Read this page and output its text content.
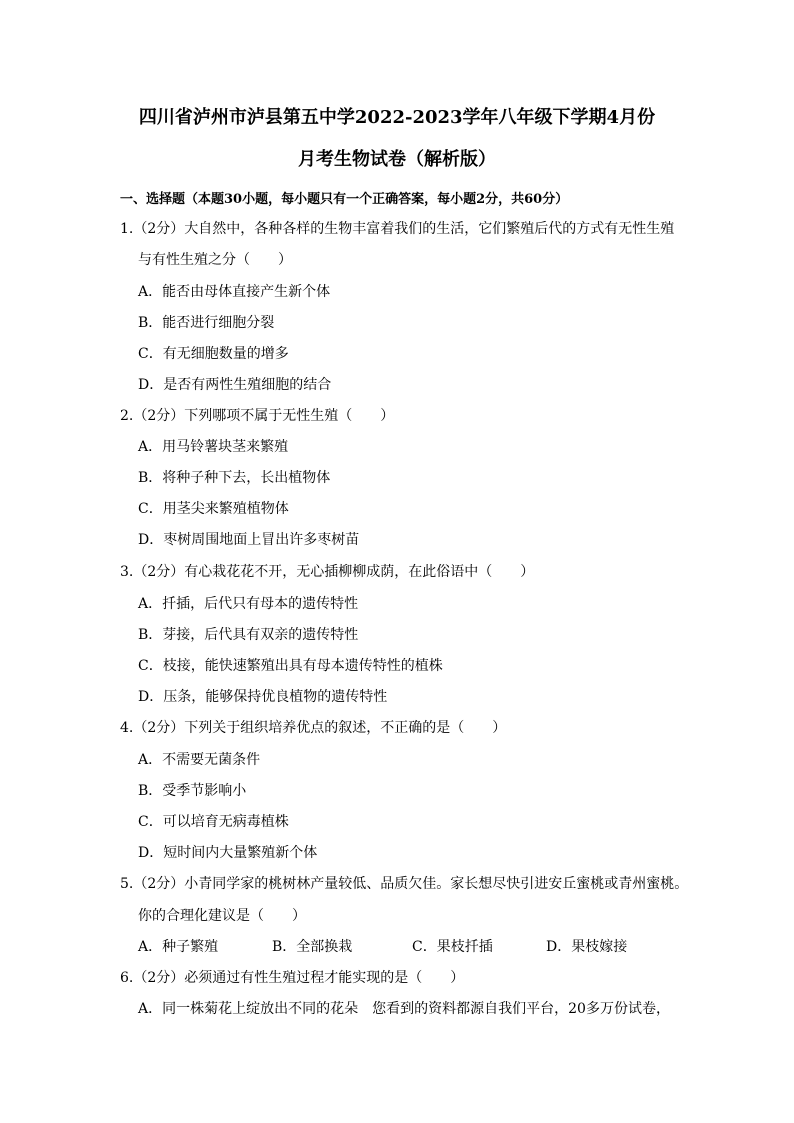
四川省泸州市泸县第五中学2022-2023学年八年级下学期4月份
月考生物试卷（解析版）
一、选择题（本题30小题，每小题只有一个正确答案，每小题2分，共60分）
1.（2分）大自然中，各种各样的生物丰富着我们的生活，它们繁殖后代的方式有无性生殖
与有性生殖之分（　　）
A．能否由母体直接产生新个体
B．能否进行细胞分裂
C．有无细胞数量的增多
D．是否有两性生殖细胞的结合
2.（2分）下列哪项不属于无性生殖（　　）
A．用马铃薯块茎来繁殖
B．将种子种下去，长出植物体
C．用茎尖来繁殖植物体
D．枣树周围地面上冒出许多枣树苗
3.（2分）有心栽花花不开，无心插柳柳成荫，在此俗语中（　　）
A．扦插，后代只有母本的遗传特性
B．芽接，后代具有双亲的遗传特性
C．枝接，能快速繁殖出具有母本遗传特性的植株
D．压条，能够保持优良植物的遗传特性
4.（2分）下列关于组织培养优点的叙述，不正确的是（　　）
A．不需要无菌条件
B．受季节影响小
C．可以培育无病毒植株
D．短时间内大量繁殖新个体
5.（2分）小青同学家的桃树林产量较低、品质欠佳。家长想尽快引进安丘蜜桃或青州蜜桃。
你的合理化建议是（　　）
A．种子繁殖	B．全部换栽	C．果枝扦插	D．果枝嫁接
6.（2分）必须通过有性生殖过程才能实现的是（　　）
A．同一株菊花上绽放出不同的花朵 您看到的资料都源自我们平台，20多万份试卷，
